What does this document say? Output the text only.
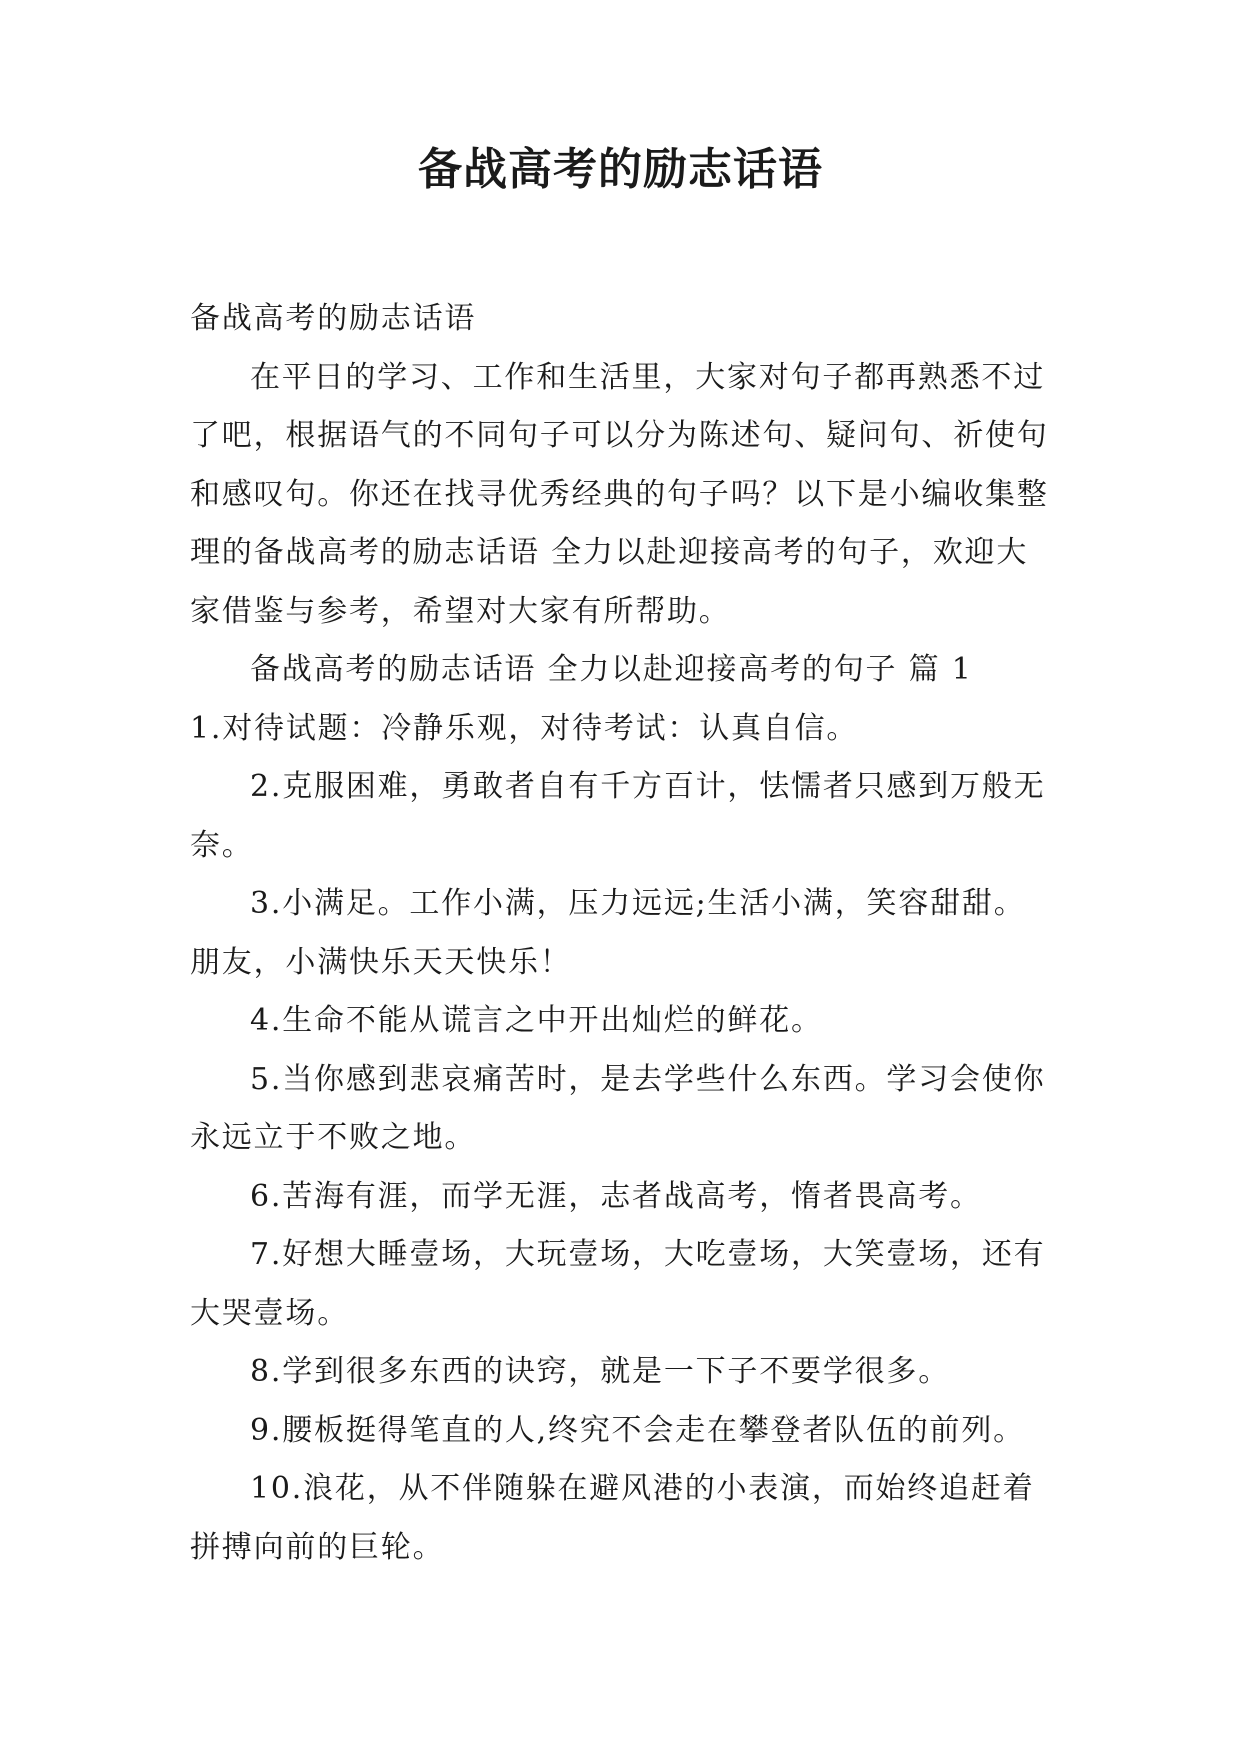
备战高考的励志话语

备战高考的励志话语

在平日的学习、工作和生活里，大家对句子都再熟悉不过了吧，根据语气的不同句子可以分为陈述句、疑问句、祈使句和感叹句。你还在找寻优秀经典的句子吗？以下是小编收集整理的备战高考的励志话语 全力以赴迎接高考的句子，欢迎大家借鉴与参考，希望对大家有所帮助。

备战高考的励志话语 全力以赴迎接高考的句子 篇 1

1.对待试题：冷静乐观，对待考试：认真自信。

2.克服困难，勇敢者自有千方百计，怯懦者只感到万般无奈。

3.小满足。工作小满，压力远远;生活小满，笑容甜甜。朋友，小满快乐天天快乐！

4.生命不能从谎言之中开出灿烂的鲜花。

5.当你感到悲哀痛苦时，是去学些什么东西。学习会使你永远立于不败之地。

6.苦海有涯，而学无涯，志者战高考，惰者畏高考。

7.好想大睡壹场，大玩壹场，大吃壹场，大笑壹场，还有大哭壹场。

8.学到很多东西的诀窍，就是一下子不要学很多。

9.腰板挺得笔直的人,终究不会走在攀登者队伍的前列。

10.浪花，从不伴随躲在避风港的小表演，而始终追赶着拼搏向前的巨轮。
